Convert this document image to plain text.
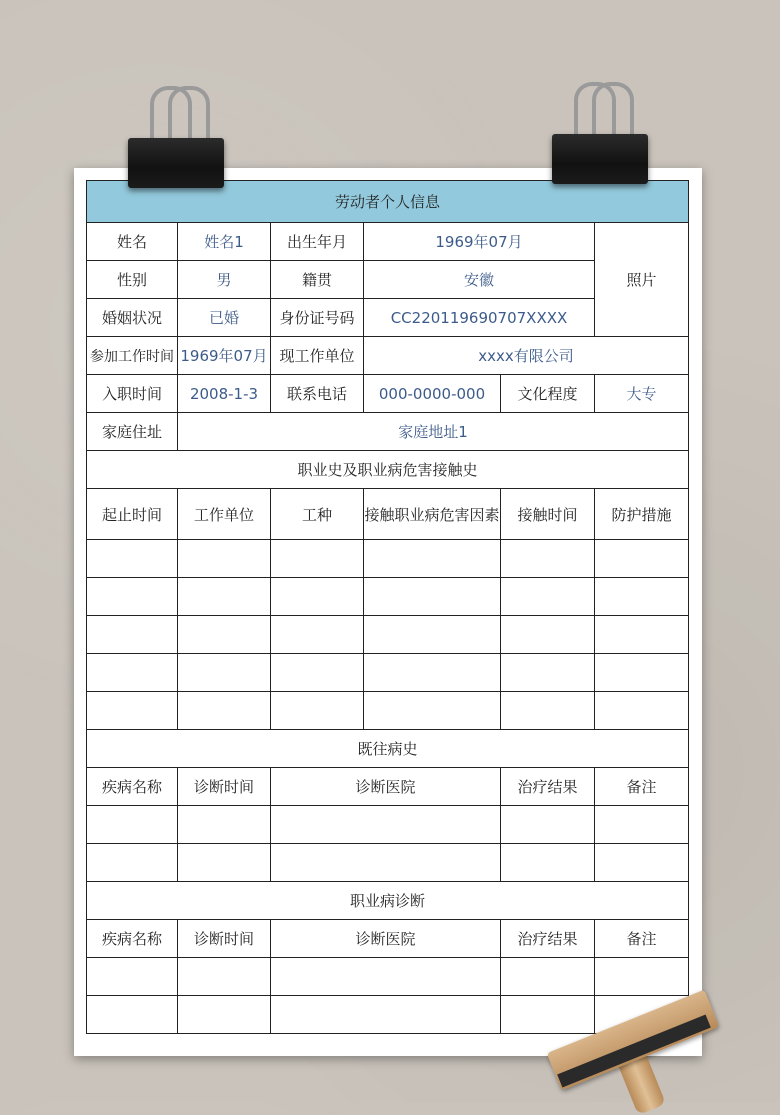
劳动者个人信息					
姓名	姓名1	出生年月	1969年07月		照片
性别	男	籍贯	安徽		
婚姻状况	已婚	身份证号码	CC220119690707XXXX		
参加工作时间	1969年07月	现工作单位	xxxx有限公司		
入职时间	2008-1-3	联系电话	000-0000-000	文化程度	大专
家庭住址	家庭地址1				
职业史及职业病危害接触史					
起止时间	工作单位	工种	接触职业病危害因素	接触时间	防护措施

既往病史					
疾病名称	诊断时间	诊断医院		治疗结果	备注

职业病诊断					
疾病名称	诊断时间	诊断医院		治疗结果	备注
